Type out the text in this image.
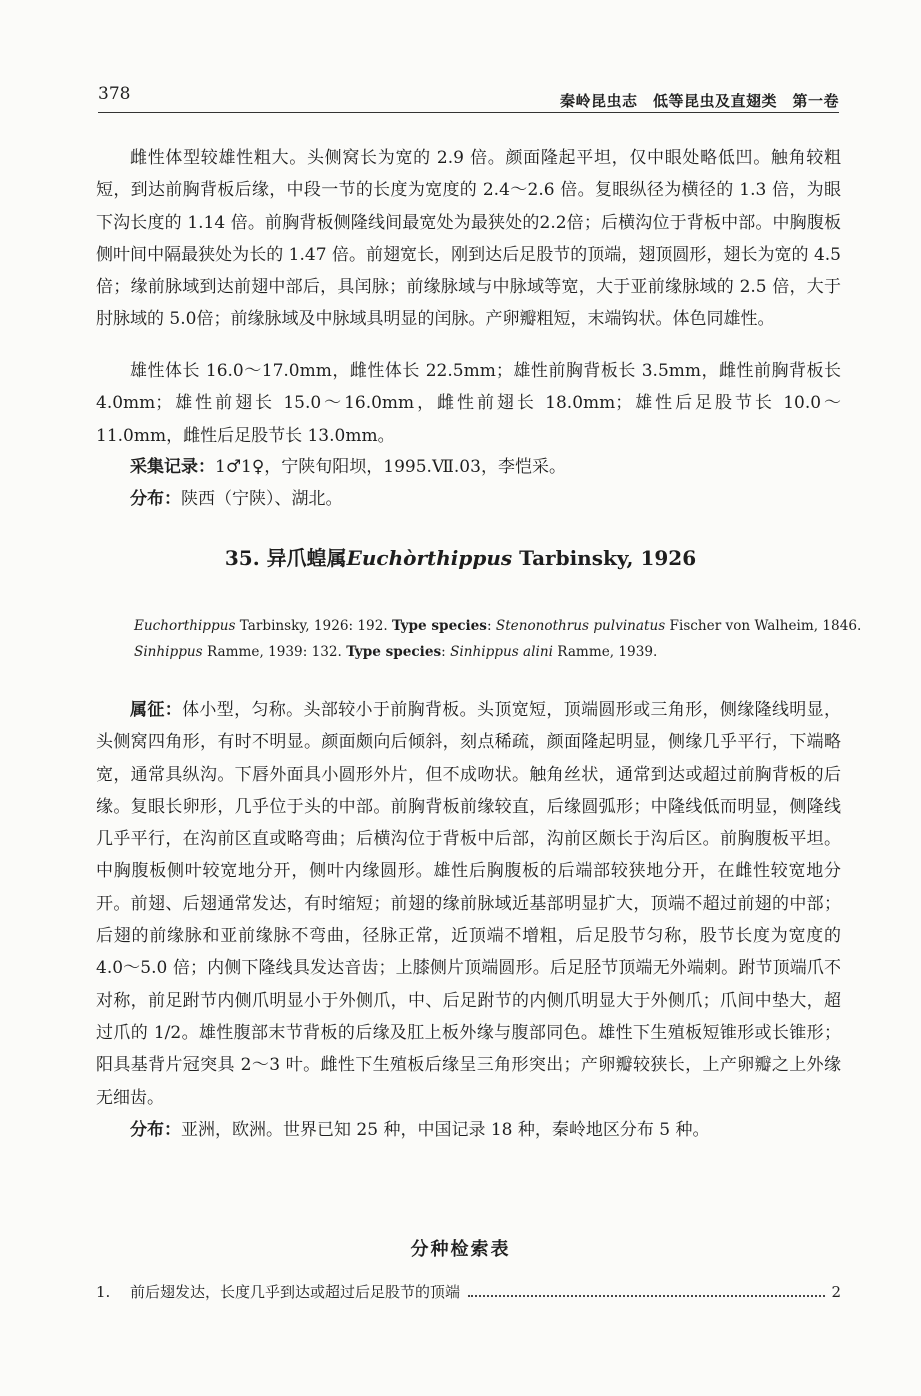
378	秦岭昆虫志　低等昆虫及直翅类　第一卷

雌性体型较雄性粗大。头侧窝长为宽的 2.9 倍。颜面隆起平坦，仅中眼处略低凹。触角较粗短，到达前胸背板后缘，中段一节的长度为宽度的 2.4～2.6 倍。复眼纵径为横径的 1.3 倍，为眼下沟长度的 1.14 倍。前胸背板侧隆线间最宽处为最狭处的2.2倍；后横沟位于背板中部。中胸腹板侧叶间中隔最狭处为长的 1.47 倍。前翅宽长，刚到达后足股节的顶端，翅顶圆形，翅长为宽的 4.5 倍；缘前脉域到达前翅中部后，具闰脉；前缘脉域与中脉域等宽，大于亚前缘脉域的 2.5 倍，大于肘脉域的 5.0倍；前缘脉域及中脉域具明显的闰脉。产卵瓣粗短，末端钩状。体色同雄性。

雄性体长 16.0～17.0mm，雌性体长 22.5mm；雄性前胸背板长 3.5mm，雌性前胸背板长 4.0mm；雄性前翅长 15.0～16.0mm，雌性前翅长 18.0mm；雄性后足股节长 10.0～11.0mm，雌性后足股节长 13.0mm。

采集记录：1♂1♀，宁陕旬阳坝，1995.Ⅶ.03，李恺采。

分布：陕西（宁陕）、湖北。

35. 异爪蝗属Euchòrthippus Tarbinsky, 1926
Euchorthippus Tarbinsky, 1926: 192. Type species: Stenonothrus pulvinatus Fischer von Walheim, 1846.
Sinhippus Ramme, 1939: 132. Type species: Sinhippus alini Ramme, 1939.

属征：体小型，匀称。头部较小于前胸背板。头顶宽短，顶端圆形或三角形，侧缘隆线明显，头侧窝四角形，有时不明显。颜面颇向后倾斜，刻点稀疏，颜面隆起明显，侧缘几乎平行，下端略宽，通常具纵沟。下唇外面具小圆形外片，但不成吻状。触角丝状，通常到达或超过前胸背板的后缘。复眼长卵形，几乎位于头的中部。前胸背板前缘较直，后缘圆弧形；中隆线低而明显，侧隆线几乎平行，在沟前区直或略弯曲；后横沟位于背板中后部，沟前区颇长于沟后区。前胸腹板平坦。中胸腹板侧叶较宽地分开，侧叶内缘圆形。雄性后胸腹板的后端部较狭地分开，在雌性较宽地分开。前翅、后翅通常发达，有时缩短；前翅的缘前脉域近基部明显扩大，顶端不超过前翅的中部；后翅的前缘脉和亚前缘脉不弯曲，径脉正常，近顶端不增粗，后足股节匀称，股节长度为宽度的 4.0～5.0 倍；内侧下隆线具发达音齿；上膝侧片顶端圆形。后足胫节顶端无外端刺。跗节顶端爪不对称，前足跗节内侧爪明显小于外侧爪，中、后足跗节的内侧爪明显大于外侧爪；爪间中垫大，超过爪的 1/2。雄性腹部末节背板的后缘及肛上板外缘与腹部同色。雄性下生殖板短锥形或长锥形；阳具基背片冠突具 2～3 叶。雌性下生殖板后缘呈三角形突出；产卵瓣较狭长，上产卵瓣之上外缘无细齿。

分布：亚洲，欧洲。世界已知 25 种，中国记录 18 种，秦岭地区分布 5 种。

分种检索表
1.	前后翅发达，长度几乎到达或超过后足股节的顶端	2
